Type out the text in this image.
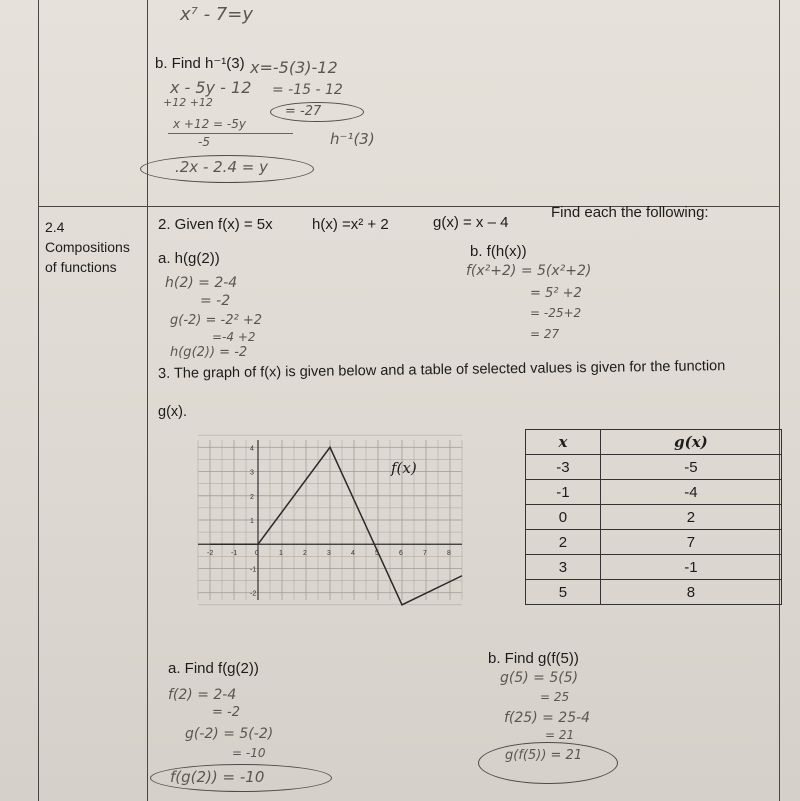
x⁷ - 7=y
b. Find h⁻¹(3) x=-5(3)-12
x - 5y - 12
+12 +12
= -15 - 12
= -27
x +12 = -5y
-5	h⁻¹(3)
.2x - 2.4 = y
2.4
Compositions
of functions
2. Given f(x) = 5x	h(x) =x² + 2	g(x) = x – 4
Find each the following:
a. h(g(2))	b. f(h(x))
h(2) = 2-4
= -2
g(-2) = -2² +2
=-4 +2
h(g(2)) = -2
f(x²+2) = 5(x²+2)
= 5² +2
= -25+2
= 27
3. The graph of f(x) is given below and a table of selected values is given for the function
g(x).
-2	-1	0	1	2	3	4	5	6	7	8
4
3
2
1
-1
-2
f(x)
x	g(x)
-3	-5
-1	-4
0	2
2	7
3	-1
5	8
a. Find f(g(2))
b. Find g(f(5))
f(2) = 2-4
= -2
g(-2) = 5(-2)
= -10
f(g(2)) = -10
g(5) = 5(5)
= 25
f(25) = 25-4
= 21
g(f(5)) = 21
